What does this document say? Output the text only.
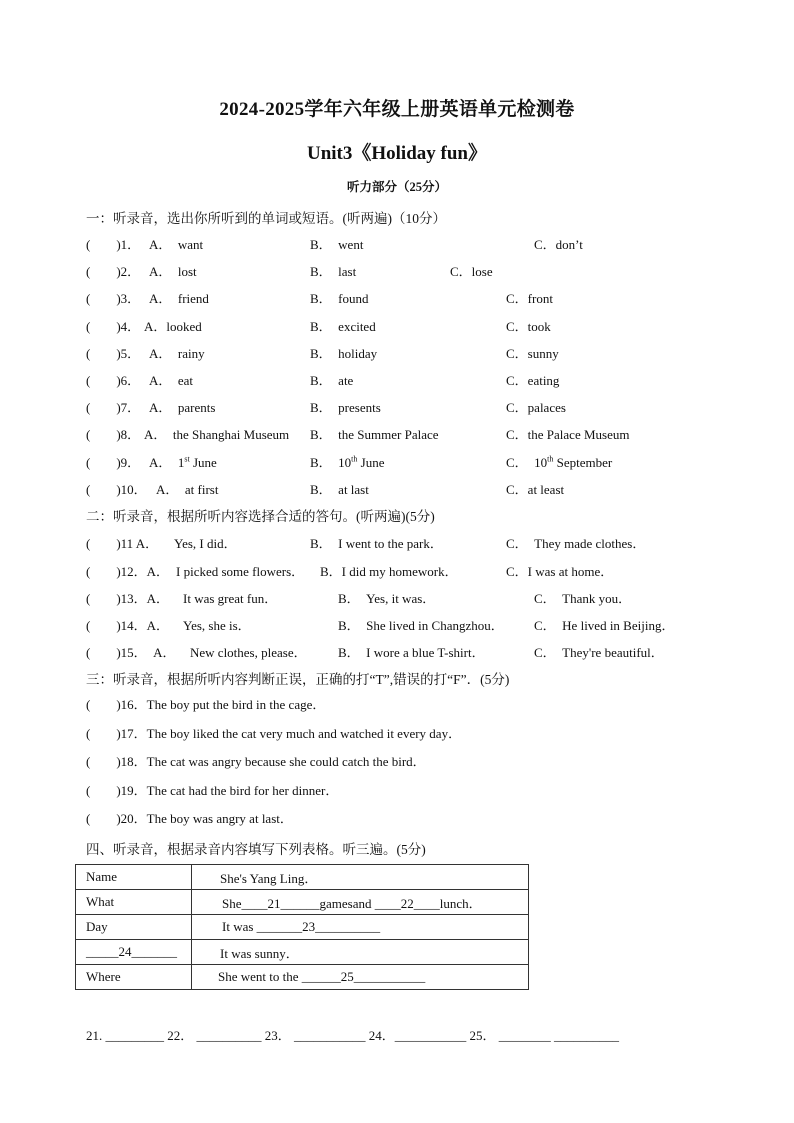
2024-2025学年六年级上册英语单元检测卷
Unit3《Holiday fun》
听力部分（25分）
一：听录音，选出你所听到的单词或短语。(听两遍)（10分）
(　　)1． A．　want	B．　went	C．don’t
(　　)2． A．　lost	B．　last	C．lose
(　　)3． A．　friend	B．　found	C．front
(　　)4． A．looked	B．　excited	C．took
(　　)5． A．　rainy	B．　holiday	C．sunny
(　　)6． A．　eat	B．　ate	C．eating
(　　)7． A．　parents	B．　presents	C．palaces
(　　)8． A．　the Shanghai Museum B．　the Summer Palace	C．the Palace Museum
(　　)9． A．　1st June	B．　10th June	C．　10th September
(　　)10． A．　at first	B．　at last	C．at least
二：听录音，根据所听内容选择合适的答句。(听两遍)(5分)
(　　)11 A． Yes, I did．	B．　I went to the park．	C．　They made clothes．
(　　)12．A． I picked some flowers． B．I did my homework．	C．I was at home．
(　　)13．A． It was great fun．	B．　Yes, it was．	C．　Thank you．
(　　)14．A． Yes, she is．	B．　She lived in Changzhou． C．　He lived in Beijing．
(　　)15．　A． New clothes, please． B．　I wore a blue T-shirt．	C．　They're beautiful．
三：听录音，根据所听内容判断正误，正确的打“T”,错误的打“F”．(5分)
(　　)16．The boy put the bird in the cage．
(　　)17．The boy liked the cat very much and watched it every day．
(　　)18．The cat was angry because she could catch the bird．
(　　)19．The cat had the bird for her dinner．
(　　)20．The boy was angry at last．
四、听录音，根据录音内容填写下列表格。听三遍。(5分)
Name	She's Yang Ling．
What	She____21______gamesand ____22____lunch．
Day	It was _______23__________
_____24_______	It was sunny．
Where	She went to the ______25___________
21. _________ 22． __________ 23． ___________ 24．___________ 25． ________ __________
